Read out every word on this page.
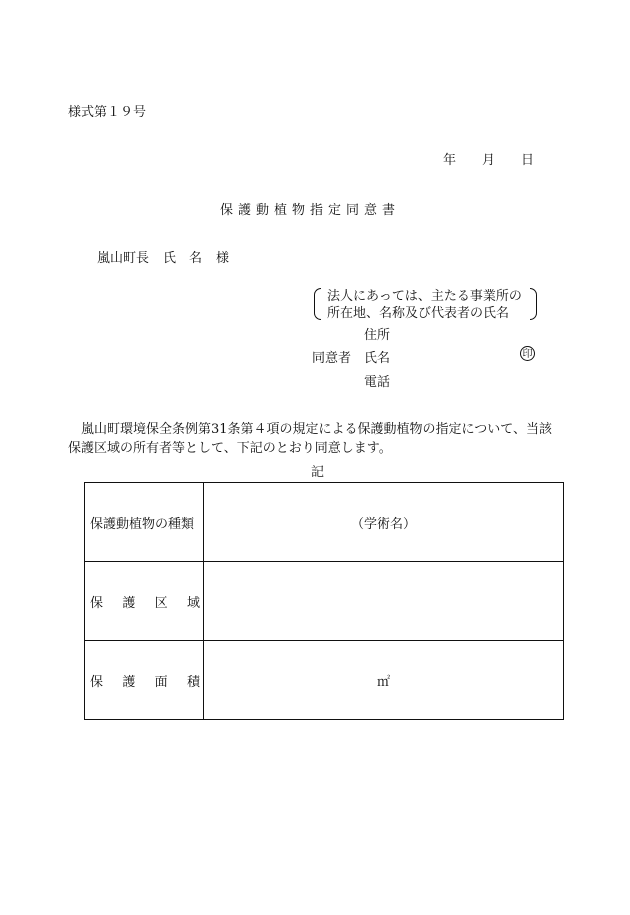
様式第１９号
年 月 日
保護動植物指定同意書
嵐山町長 氏　名 様
法人にあっては、主たる事業所の
所在地、名称及び代表者の氏名
住所
同意者 氏名	印
電話

嵐山町環境保全条例第31条第４項の規定による保護動植物の指定について、当該

保護区域の所有者等として、下記のとおり同意します。

記
保護動植物の種類	（学術名）

保 護 区 域	

保 護 面 積	㎡
